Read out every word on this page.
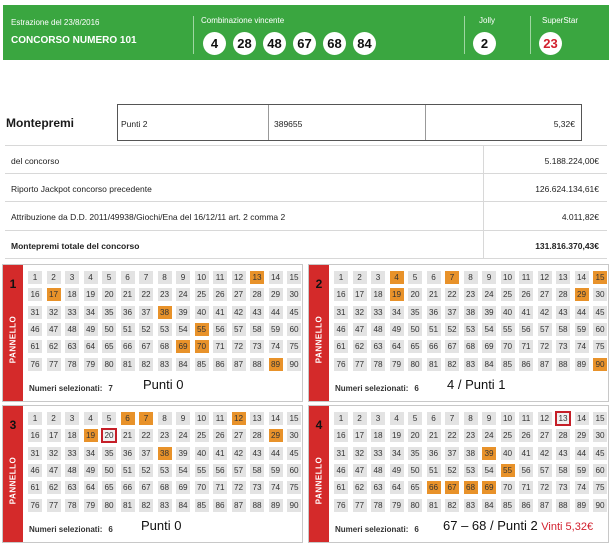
Estrazione del 23/8/2016
CONCORSO NUMERO 101
Combinazione vincente
4	28	48	67	68	84
Jolly
2
SuperStar
23
Montepremi	Punti 2	389655	5,32€
del concorso	5.188.224,00€
Riporto Jackpot concorso precedente	126.624.134,61€
Attribuzione da D.D. 2011/49938/Giochi/Ena del 16/12/11 art. 2 comma 2	4.011,82€
Montepremi totale del concorso	131.816.370,43€
1
PANNELLO
1	2	3	4	5	6	7	8	9	10	11	12 13 14 15
16 17 18 19 20 21 22 23 24 25 26 27 28 29 30
31 32 33 34 35 36 37 38 39 40 41 42 43 44 45
46 47 48 49 50 51 52 53 54 55 56 57 58 59 60
61 62 63 64 65 66 67 68 69 70 71 72 73 74 75
76 77 78 79 80 81 82 83 84 85 86 87 88 89 90
Numeri selezionati: 7 Punti 0
2
PANNELLO
1	2	3	4	5	6	7	8	9	10	11	12 13 14 15
16 17 18 19 20 21 22 23 24 25 26 27 28 29 30
31 32 33 34 35 36 37 38 39 40 41 42 43 44 45
46 47 48 49 50 51 52 53 54 55 56 57 58 59 60
61 62 63 64 65 66 67 68 69 70 71 72 73 74 75
76 77 78 79 80 81 82 83 84 85 86 87 88 89 90
Numeri selezionati: 6 4 / Punti 1
3
PANNELLO
1	2	3	4	5	6	7	8	9	10	11	12 13 14 15
16 17 18 19 20 21 22 23 24 25 26 27 28 29 30
31 32 33 34 35 36 37 38 39 40 41 42 43 44 45
46 47 48 49 50 51 52 53 54 55 56 57 58 59 60
61 62 63 64 65 66 67 68 69 70 71 72 73 74 75
76 77 78 79 80 81 82 83 84 85 86 87 88 89 90
Numeri selezionati: 6 Punti 0
4
PANNELLO
1	2	3	4	5	6	7	8	9	10	11	12 13 14 15
16 17 18 19 20 21 22 23 24 25 26 27 28 29 30
31 32 33 34 35 36 37 38 39 40 41 42 43 44 45
46 47 48 49 50 51 52 53 54 55 56 57 58 59 60
61 62 63 64 65 66 67 68 69 70 71 72 73 74 75
76 77 78 79 80 81 82 83 84 85 86 87 88 89 90
Numeri selezionati: 6 67 – 68 / Punti 2 Vinti 5,32€
